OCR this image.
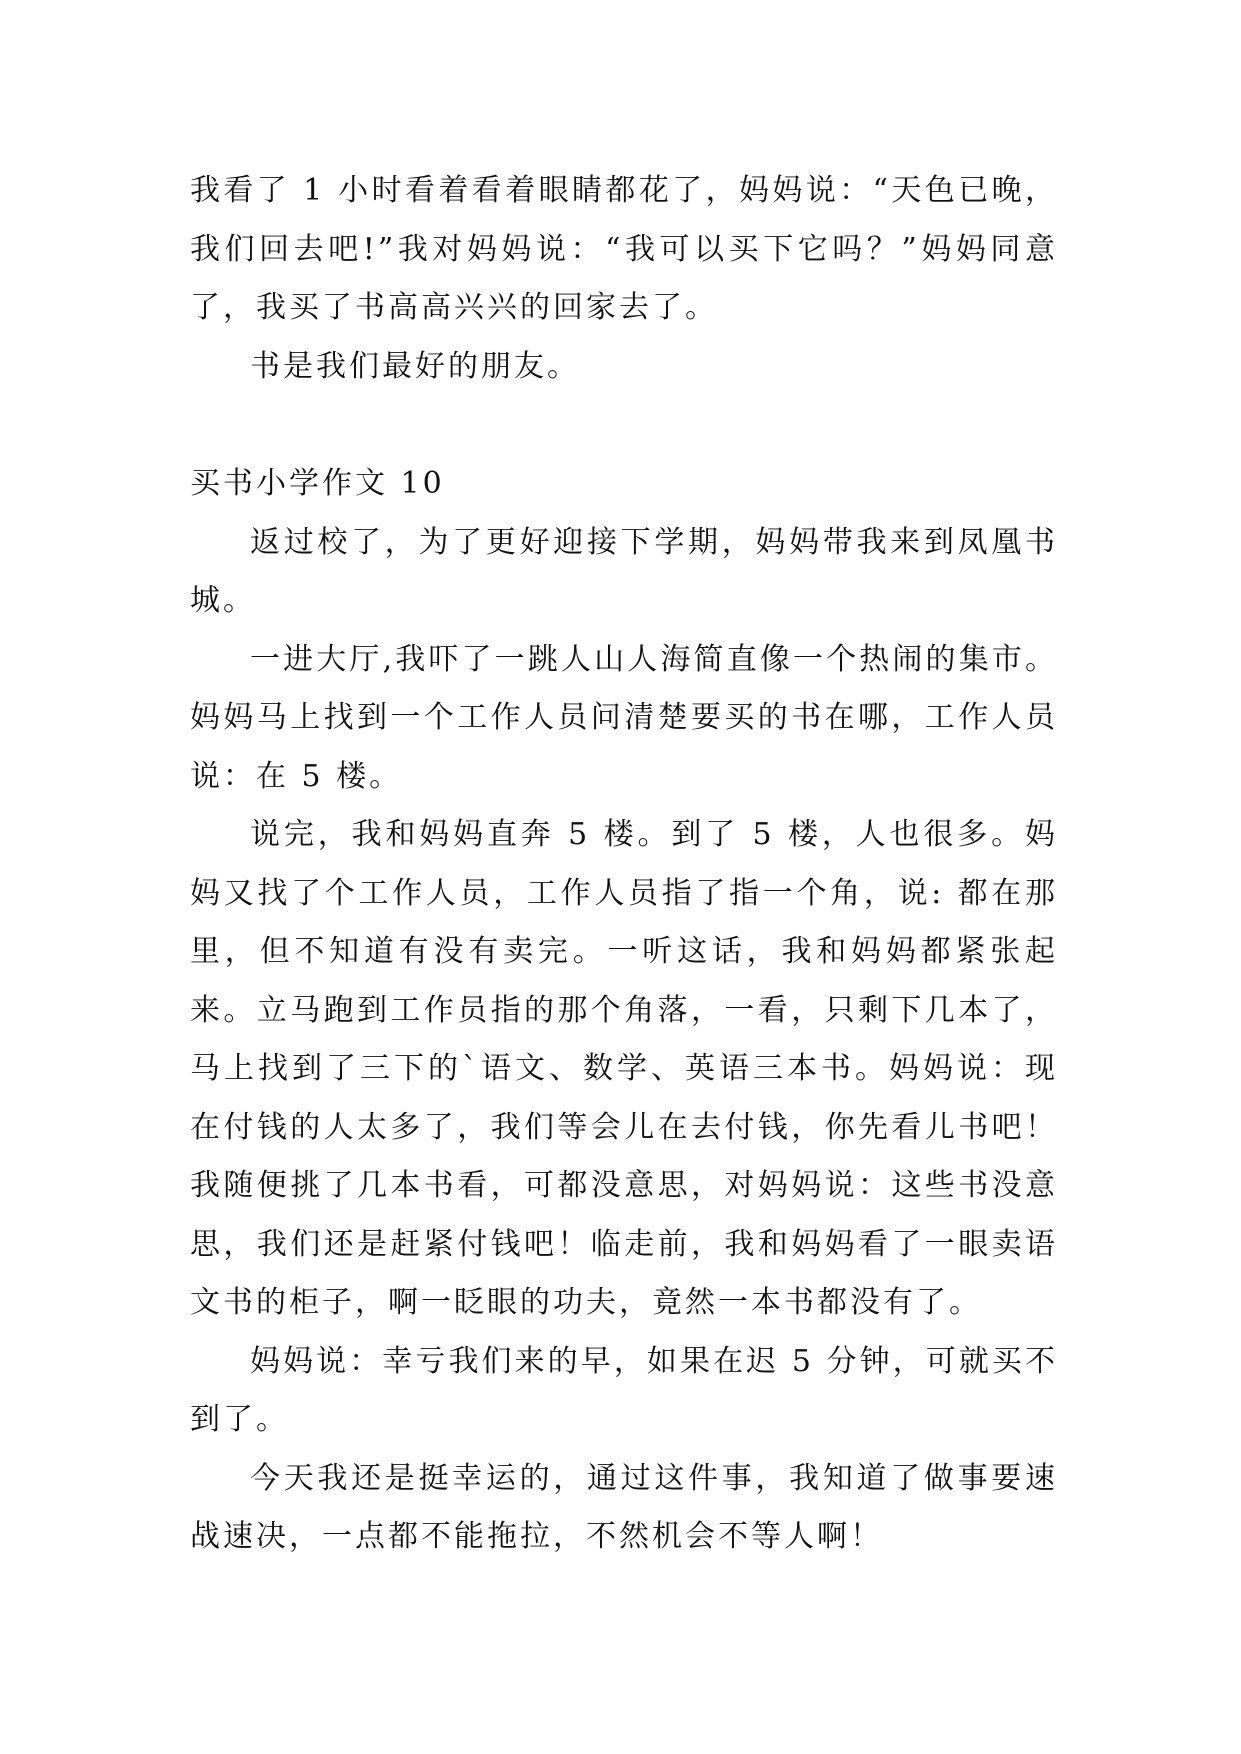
我看了 1 小时看着看着眼睛都花了，妈妈说：“天色已晚，我们回去吧!”我对妈妈说：“我可以买下它吗？”妈妈同意了，我买了书高高兴兴的回家去了。

书是我们最好的朋友。

买书小学作文 10

返过校了，为了更好迎接下学期，妈妈带我来到凤凰书城。

一进大厅,我吓了一跳人山人海简直像一个热闹的集市。妈妈马上找到一个工作人员问清楚要买的书在哪，工作人员说：在 5 楼。

说完，我和妈妈直奔 5 楼。到了 5 楼，人也很多。妈妈又找了个工作人员，工作人员指了指一个角，说: 都在那里，但不知道有没有卖完。一听这话，我和妈妈都紧张起来。立马跑到工作员指的那个角落，一看，只剩下几本了，马上找到了三下的`语文、数学、英语三本书。妈妈说：现在付钱的人太多了，我们等会儿在去付钱，你先看儿书吧！我随便挑了几本书看，可都没意思，对妈妈说：这些书没意思，我们还是赶紧付钱吧！临走前，我和妈妈看了一眼卖语文书的柜子，啊一眨眼的功夫，竟然一本书都没有了。

妈妈说：幸亏我们来的早，如果在迟 5 分钟，可就买不到了。

今天我还是挺幸运的，通过这件事，我知道了做事要速战速决，一点都不能拖拉，不然机会不等人啊！
